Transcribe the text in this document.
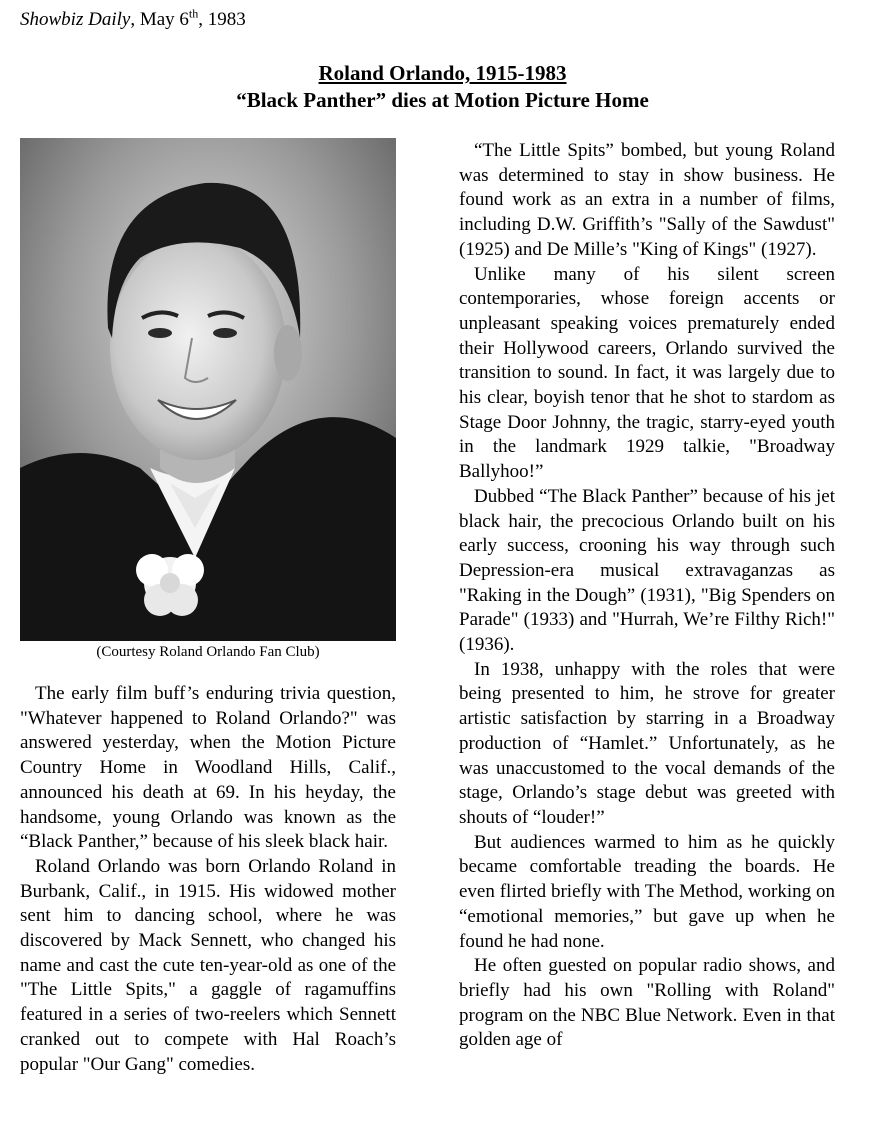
Showbiz Daily, May 6th, 1983
Roland Orlando, 1915-1983
“Black Panther” dies at Motion Picture Home
(Courtesy Roland Orlando Fan Club)

The early film buff’s enduring trivia question, "Whatever happened to Roland Orlando?" was answered yesterday, when the Motion Picture Country Home in Woodland Hills, Calif., announced his death at 69. In his heyday, the handsome, young Orlando was known as the “Black Panther,” because of his sleek black hair.

Roland Orlando was born Orlando Roland in Burbank, Calif., in 1915. His widowed mother sent him to dancing school, where he was discovered by Mack Sennett, who changed his name and cast the cute ten-year-old as one of the "The Little Spits," a gaggle of ragamuffins featured in a series of two-reelers which Sennett cranked out to compete with Hal Roach’s popular "Our Gang" comedies.

“The Little Spits” bombed, but young Roland was determined to stay in show business. He found work as an extra in a number of films, including D.W. Griffith’s "Sally of the Sawdust" (1925) and De Mille’s "King of Kings" (1927).

Unlike many of his silent screen contemporaries, whose foreign accents or unpleasant speaking voices prematurely ended their Hollywood careers, Orlando survived the transition to sound. In fact, it was largely due to his clear, boyish tenor that he shot to stardom as Stage Door Johnny, the tragic, starry-eyed youth in the landmark 1929 talkie, "Broadway Ballyhoo!”

Dubbed “The Black Panther” because of his jet black hair, the precocious Orlando built on his early success, crooning his way through such Depression-era musical extravaganzas as "Raking in the Dough” (1931), "Big Spenders on Parade" (1933) and "Hurrah, We’re Filthy Rich!" (1936).

In 1938, unhappy with the roles that were being presented to him, he strove for greater artistic satisfaction by starring in a Broadway production of “Hamlet.” Unfortunately, as he was unaccustomed to the vocal demands of the stage, Orlando’s stage debut was greeted with shouts of “louder!”

But audiences warmed to him as he quickly became comfortable treading the boards. He even flirted briefly with The Method, working on “emotional memories,” but gave up when he found he had none.

He often guested on popular radio shows, and briefly had his own "Rolling with Roland" program on the NBC Blue Network. Even in that golden age of
